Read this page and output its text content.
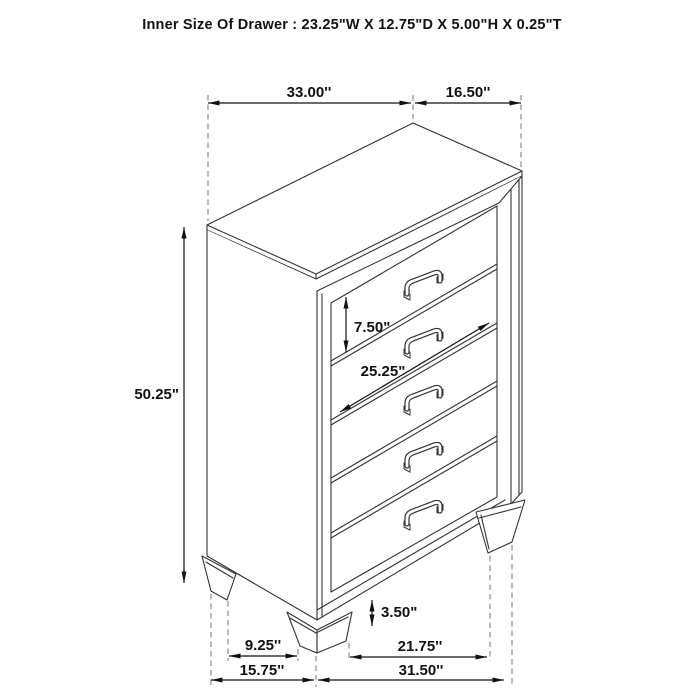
Inner Size Of Drawer : 23.25"W X 12.75"D X 5.00"H X 0.25"T
33.00''	16.50''
50.25"
7.50"
25.25"
3.50"
9.25''
15.75''
21.75''
31.50''
